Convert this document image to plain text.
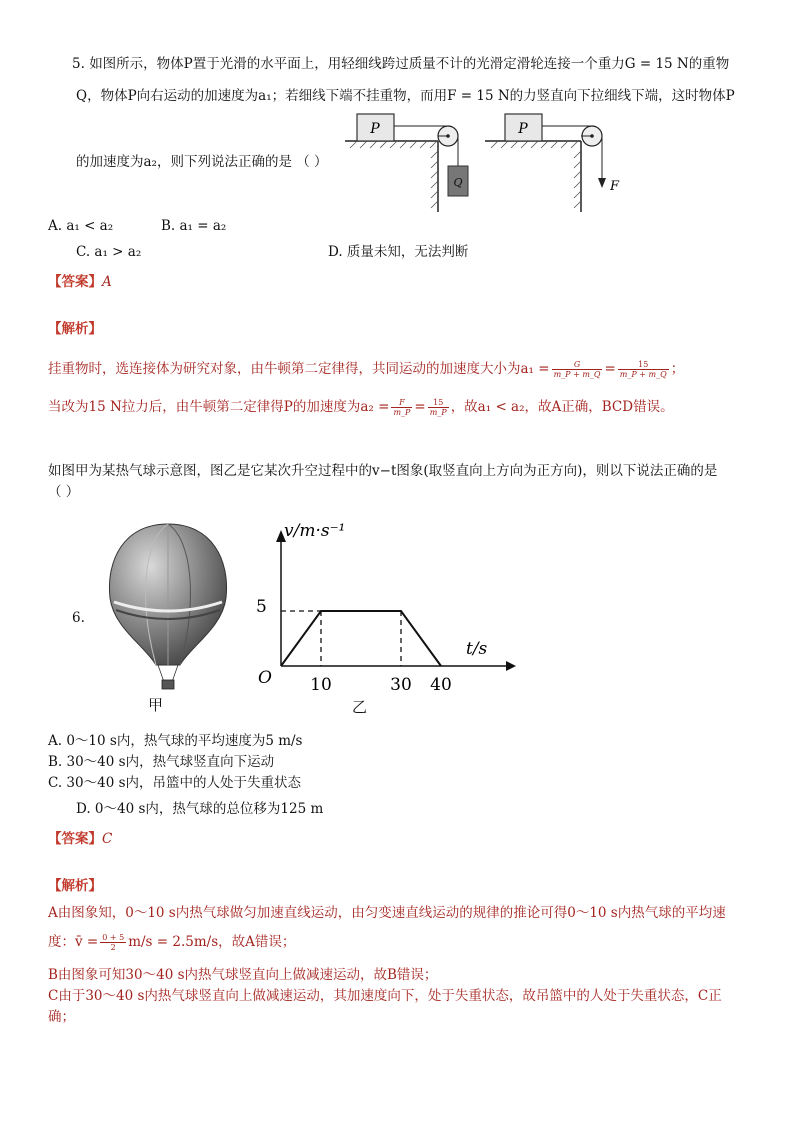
5. 如图所示，物体P置于光滑的水平面上，用轻细线跨过质量不计的光滑定滑轮连接一个重力G = 15 N的重物
Q，物体P向右运动的加速度为a₁；若细线下端不挂重物，而用F = 15 N的力竖直向下拉细线下端，这时物体P
的加速度为a₂，则下列说法正确的是 （ ）
P
Q
P
F
A. a₁ < a₂	B. a₁ = a₂
C. a₁ > a₂	D. 质量未知，无法判断
【答案】A
【解析】
挂重物时，选连接体为研究对象，由牛顿第二定律得，共同运动的加速度大小为$a_1 = \frac{G}{m\_P + m\_Q} = \frac{15}{m\_P + m\_Q}$ ；
当改为15 N拉力后，由牛顿第二定律得P的加速度为$a_2 = \frac{F}{m\_P} = \frac{15}{m\_P}$ ，故a₁ < a₂，故A正确，BCD错误。
如图甲为某热气球示意图，图乙是它某次升空过程中的v−t图象(取竖直向上方向为正方向)，则以下说法正确的是
（ ）
6.
甲
v/m·s⁻¹
t/s
O
5
10	30 40
乙
A. 0～10 s内，热气球的平均速度为5 m/s
B. 30～40 s内，热气球竖直向下运动
C. 30～40 s内，吊篮中的人处于失重状态
D. 0～40 s内，热气球的总位移为125 m
【答案】C
【解析】
A由图象知，0～10 s内热气球做匀加速直线运动，由匀变速直线运动的规律的推论可得0～10 s内热气球的平均速
度：v̄ = $\frac{0 + 5}{2} m/s = 2.5m/s$，故A错误；
B由图象可知30～40 s内热气球竖直向上做减速运动，故B错误；
C由于30～40 s内热气球竖直向上做减速运动，其加速度向下，处于失重状态，故吊篮中的人处于失重状态，C正
确；
